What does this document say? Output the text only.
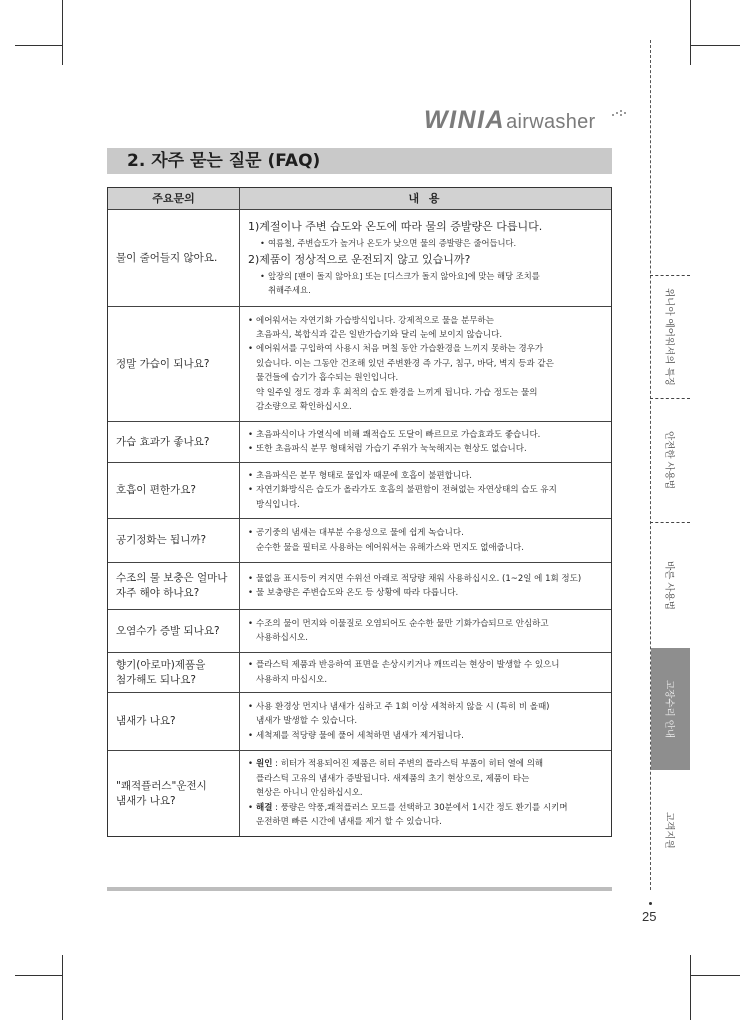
WINIAairwasher
2. 자주 묻는 질문 (FAQ)
주요문의	내 용
물이 줄어들지 않아요.
1)계절이나 주변 습도와 온도에 따라 물의 증발량은 다릅니다.
• 여름철, 주변습도가 높거나 온도가 낮으면 물의 증발량은 줄어듭니다.
2)제품이 정상적으로 운전되지 않고 있습니까?
• 앞장의 [팬이 돌지 않아요] 또는 [디스크가 돌지 않아요]에 맞는 해당 조치를
취해주세요.
정말 가습이 되나요?
• 에어워셔는 자연기화 가습방식입니다. 강제적으로 물을 분무하는
초음파식, 복합식과 같은 일반가습기와 달리 눈에 보이지 않습니다.
• 에어워셔를 구입하여 사용시 처음 며칠 동안 가습환경을 느끼지 못하는 경우가
있습니다. 이는 그동안 건조해 있던 주변환경 즉 가구, 침구, 바닥, 벽지 등과 같은
물건들에 습기가 흡수되는 원인입니다.
약 일주일 정도 경과 후 최적의 습도 환경을 느끼게 됩니다. 가습 정도는 물의
감소량으로 확인하십시오.
가습 효과가 좋나요?
• 초음파식이나 가열식에 비해 쾌적습도 도달이 빠르므로 가습효과도 좋습니다.
• 또한 초음파식 분무 형태처럼 가습기 주위가 눅눅해지는 현상도 없습니다.
호흡이 편한가요?
• 초음파식은 분무 형태로 물입자 때문에 호흡이 불편합니다.
• 자연기화방식은 습도가 올라가도 호흡의 불편함이 전혀없는 자연상태의 습도 유지
방식입니다.
공기정화는 됩니까?
• 공기중의 냄새는 대부분 수용성으로 물에 쉽게 녹습니다.
순수한 물을 필터로 사용하는 에어워셔는 유해가스와 먼지도 없애줍니다.
수조의 물 보충은 얼마나
자주 해야 하나요?
• 물없음 표시등이 켜지면 수위선 아래로 적당량 채워 사용하십시오. (1~2일 에 1회 정도)
• 물 보충량은 주변습도와 온도 등 상황에 따라 다릅니다.
오염수가 증발 되나요?
• 수조의 물이 먼지와 이물질로 오염되어도 순수한 물만 기화가습되므로 안심하고
사용하십시오.
향기(아로마)제품을
첨가해도 되나요?
• 플라스틱 제품과 반응하여 표면을 손상시키거나 깨뜨리는 현상이 발생할 수 있으니
사용하지 마십시오.
냄새가 나요?
• 사용 환경상 먼지나 냄새가 심하고 주 1회 이상 세척하지 않을 시 (특히 비 올때)
냄새가 발생할 수 있습니다.
• 세척제를 적당량 물에 풀어 세척하면 냄새가 제거됩니다.
"쾌적플러스"운전시
냄새가 나요?
• 원인 : 히터가 적용되어진 제품은 히터 주변의 플라스틱 부품이 히터 열에 의해
플라스틱 고유의 냄새가 증발됩니다. 새제품의 초기 현상으로, 제품이 타는
현상은 아니니 안심하십시오.
• 해결 : 풍량은 약풍,쾌적플러스 모드를 선택하고 30분에서 1시간 정도 환기를 시키며
운전하면 빠른 시간에 냄새를 제거 할 수 있습니다.
위니아 에어워셔의 특징
안전한 사용법
바른 사용법
고장수리 안내
고객지원
25
